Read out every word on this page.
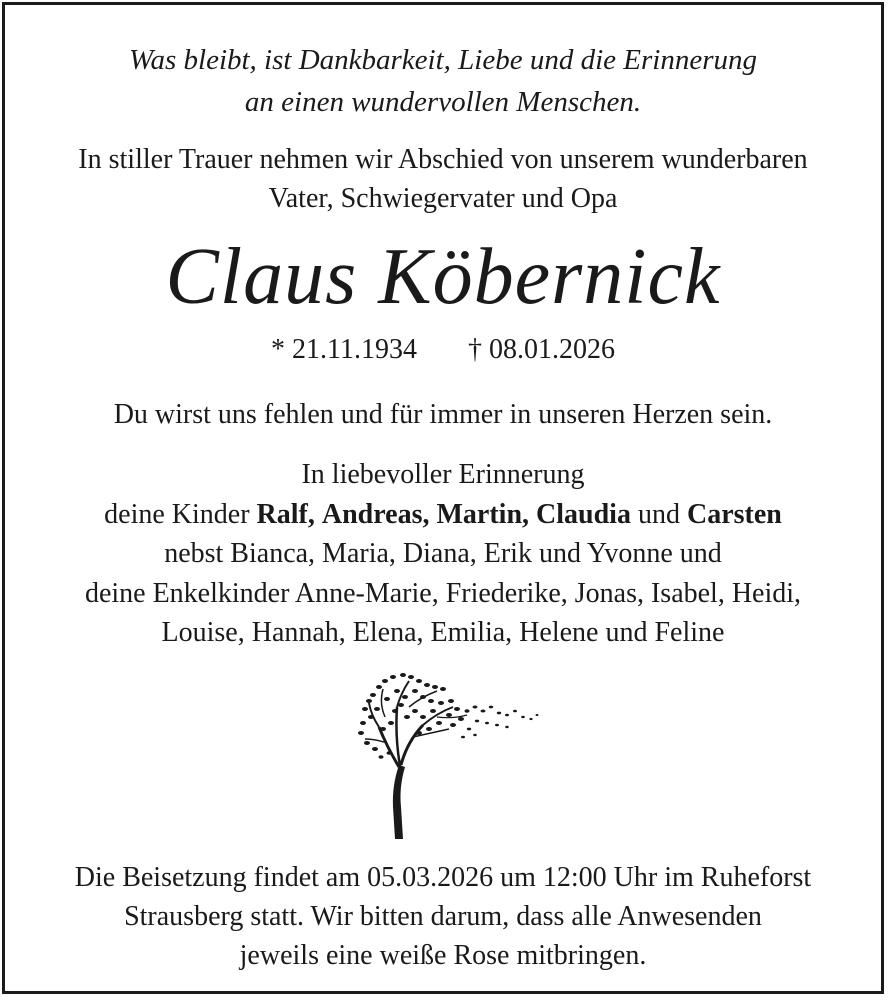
Was bleibt, ist Dankbarkeit, Liebe und die Erinnerung
an einen wundervollen Menschen.
In stiller Trauer nehmen wir Abschied von unserem wunderbaren
Vater, Schwiegervater und Opa
Claus Köbernick
* 21.11.1934 † 08.01.2026
Du wirst uns fehlen und für immer in unseren Herzen sein.
In liebevoller Erinnerung
deine Kinder Ralf, Andreas, Martin, Claudia und Carsten
nebst Bianca, Maria, Diana, Erik und Yvonne und
deine Enkelkinder Anne-Marie, Friederike, Jonas, Isabel, Heidi,
Louise, Hannah, Elena, Emilia, Helene und Feline
Die Beisetzung findet am 05.03.2026 um 12:00 Uhr im Ruheforst
Strausberg statt. Wir bitten darum, dass alle Anwesenden
jeweils eine weiße Rose mitbringen.
